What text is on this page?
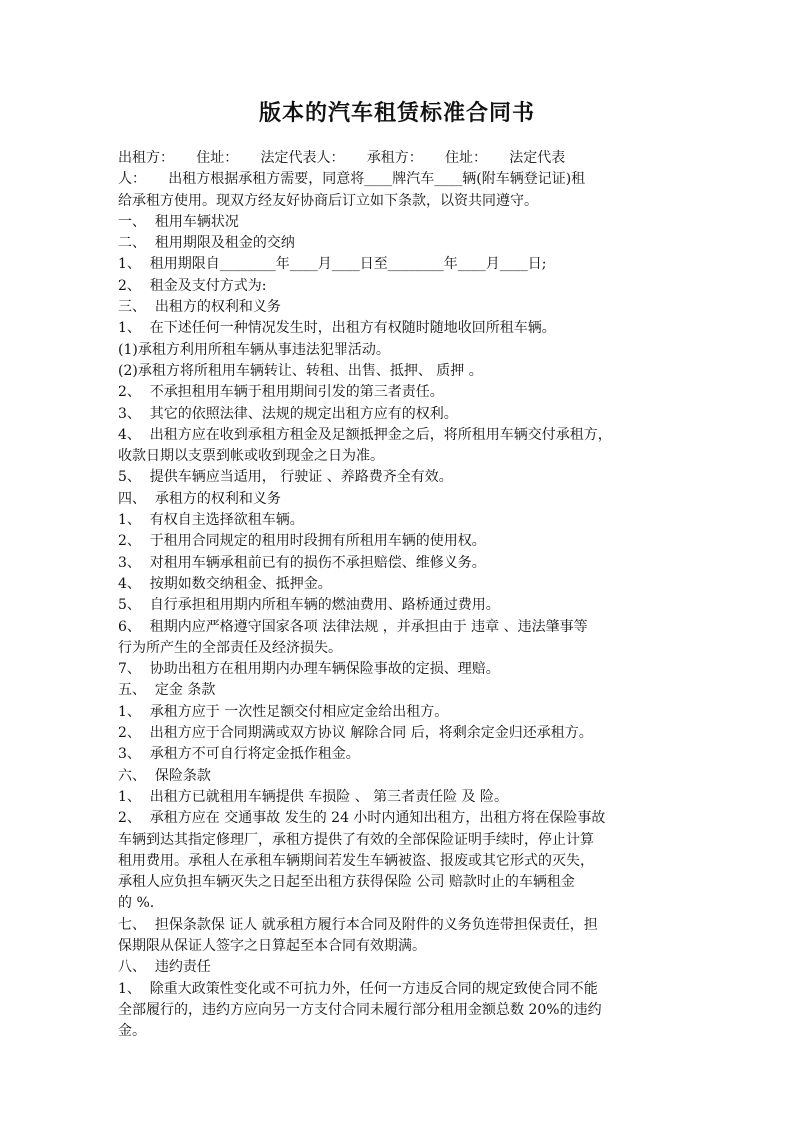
版本的汽车租赁标准合同书
出租方：     住址：     法定代表人：     承租方：     住址：     法定代表
人：     出租方根据承租方需要，同意将____牌汽车____辆(附车辆登记证)租
给承租方使用。现双方经友好协商后订立如下条款，以资共同遵守。
一、  租用车辆状况
二、  租用期限及租金的交纳
1、  租用期限自________年____月____日至________年____月____日;
2、  租金及支付方式为:
三、  出租方的权利和义务
1、  在下述任何一种情况发生时，出租方有权随时随地收回所租车辆。
(1)承租方利用所租车辆从事违法犯罪活动。
(2)承租方将所租用车辆转让、转租、出售、抵押、 质押 。
2、  不承担租用车辆于租用期间引发的第三者责任。
3、  其它的依照法律、法规的规定出租方应有的权利。
4、  出租方应在收到承租方租金及足额抵押金之后，将所租用车辆交付承租方，
收款日期以支票到帐或收到现金之日为准。
5、  提供车辆应当适用， 行驶证 、养路费齐全有效。
四、  承租方的权利和义务
1、  有权自主选择欲租车辆。
2、  于租用合同规定的租用时段拥有所租用车辆的使用权。
3、  对租用车辆承租前已有的损伤不承担赔偿、维修义务。
4、  按期如数交纳租金、抵押金。
5、  自行承担租用期内所租车辆的燃油费用、路桥通过费用。
6、  租期内应严格遵守国家各项 法律法规 ，并承担由于 违章 、违法肇事等
行为所产生的全部责任及经济损失。
7、  协助出租方在租用期内办理车辆保险事故的定损、理赔。
五、  定金 条款
1、  承租方应于 一次性足额交付相应定金给出租方。
2、  出租方应于合同期满或双方协议 解除合同 后，将剩余定金归还承租方。
3、  承租方不可自行将定金抵作租金。
六、  保险条款
1、  出租方已就租用车辆提供 车损险 、 第三者责任险 及 险。
2、  承租方应在 交通事故 发生的 24 小时内通知出租方，出租方将在保险事故
车辆到达其指定修理厂，承租方提供了有效的全部保险证明手续时，停止计算
租用费用。承租人在承租车辆期间若发生车辆被盗、报废或其它形式的灭失，
承租人应负担车辆灭失之日起至出租方获得保险 公司 赔款时止的车辆租金
的 %.
七、  担保条款保 证人 就承租方履行本合同及附件的义务负连带担保责任，担
保期限从保证人签字之日算起至本合同有效期满。
八、  违约责任
1、  除重大政策性变化或不可抗力外，任何一方违反合同的规定致使合同不能
全部履行的，违约方应向另一方支付合同未履行部分租用金额总数 20%的违约
金。
